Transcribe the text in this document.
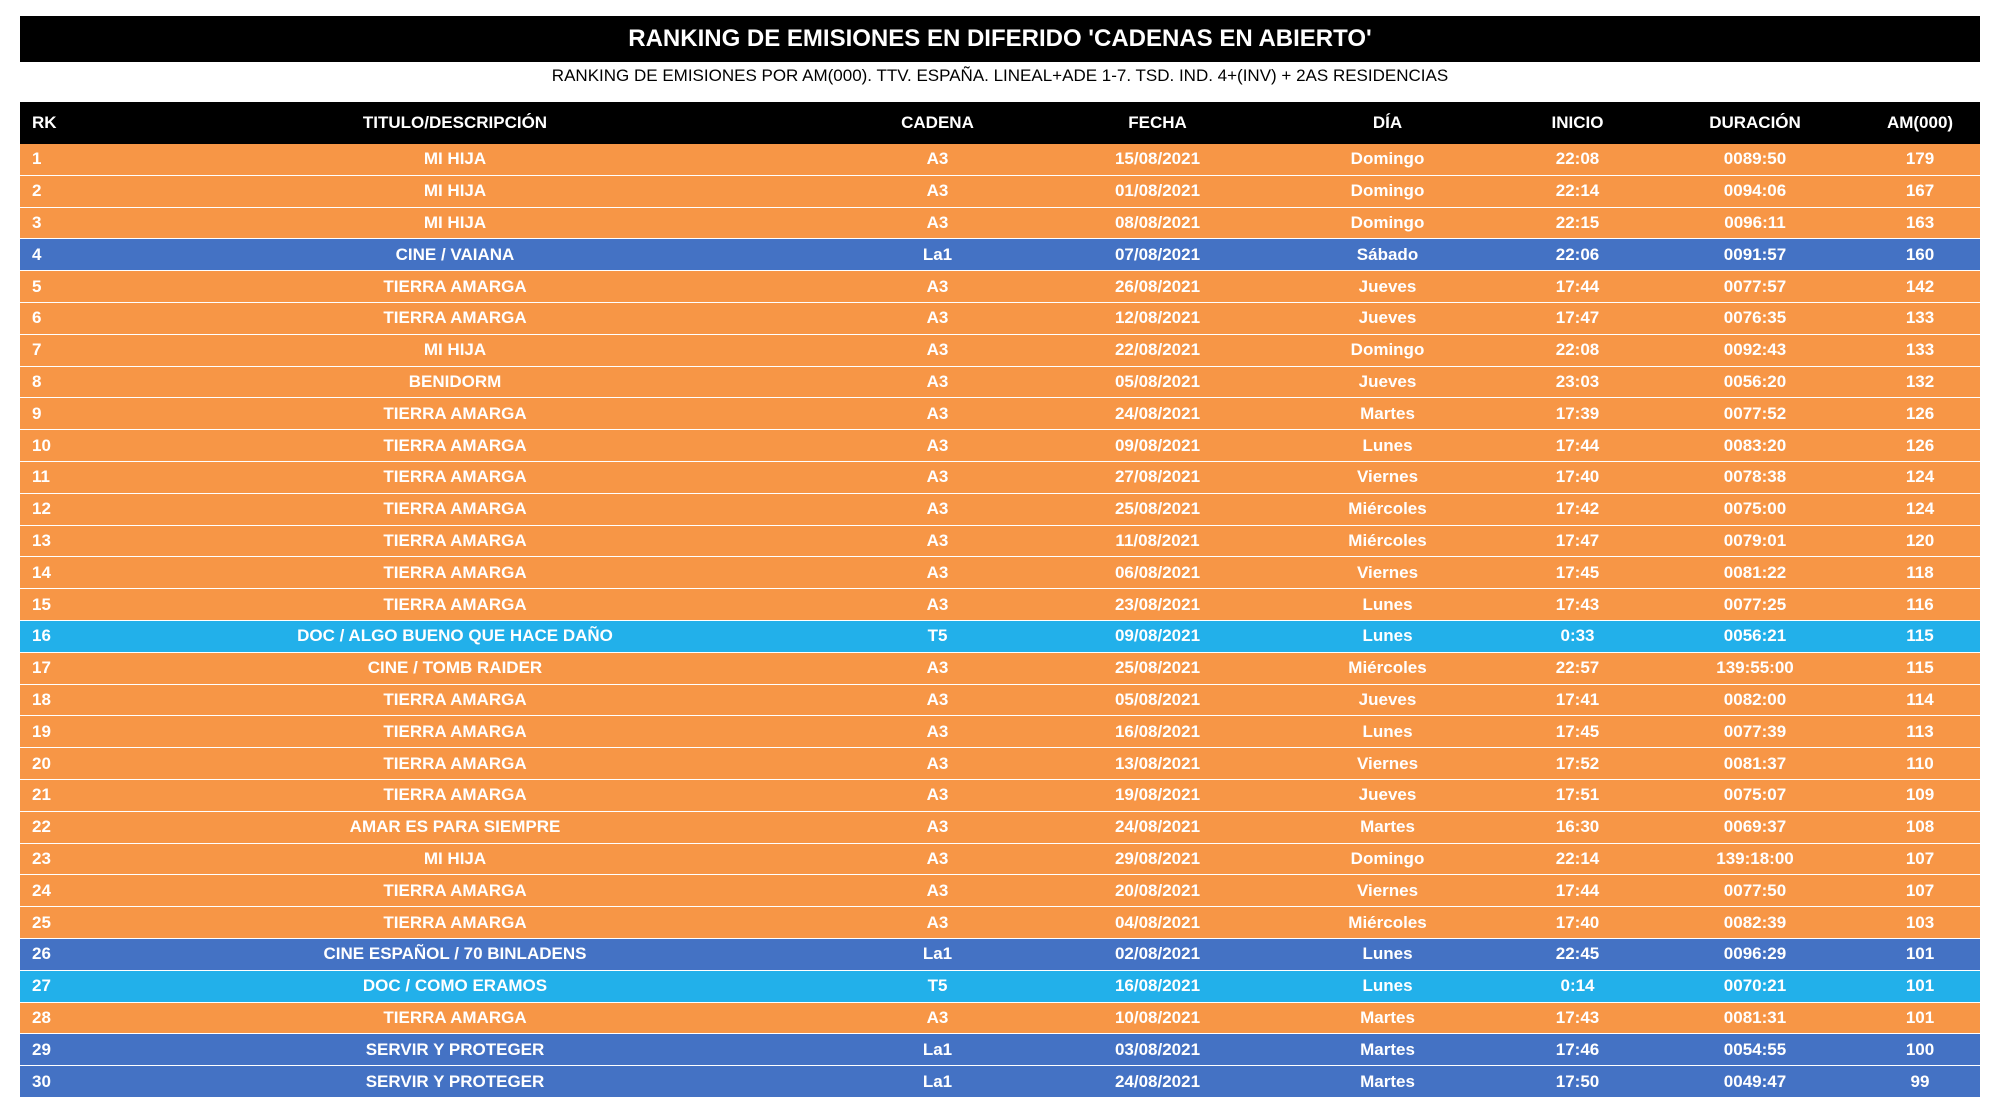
RANKING DE EMISIONES EN DIFERIDO 'CADENAS EN ABIERTO'
RANKING DE EMISIONES POR AM(000). TTV. ESPAÑA. LINEAL+ADE 1-7. TSD. IND. 4+(INV) + 2AS RESIDENCIAS
RK	TITULO/DESCRIPCIÓN	CADENA	FECHA	DÍA	INICIO	DURACIÓN	AM(000)
1	MI HIJA	A3	15/08/2021	Domingo	22:08	0089:50	179
2	MI HIJA	A3	01/08/2021	Domingo	22:14	0094:06	167
3	MI HIJA	A3	08/08/2021	Domingo	22:15	0096:11	163
4	CINE / VAIANA	La1	07/08/2021	Sábado	22:06	0091:57	160
5	TIERRA AMARGA	A3	26/08/2021	Jueves	17:44	0077:57	142
6	TIERRA AMARGA	A3	12/08/2021	Jueves	17:47	0076:35	133
7	MI HIJA	A3	22/08/2021	Domingo	22:08	0092:43	133
8	BENIDORM	A3	05/08/2021	Jueves	23:03	0056:20	132
9	TIERRA AMARGA	A3	24/08/2021	Martes	17:39	0077:52	126
10	TIERRA AMARGA	A3	09/08/2021	Lunes	17:44	0083:20	126
11	TIERRA AMARGA	A3	27/08/2021	Viernes	17:40	0078:38	124
12	TIERRA AMARGA	A3	25/08/2021	Miércoles	17:42	0075:00	124
13	TIERRA AMARGA	A3	11/08/2021	Miércoles	17:47	0079:01	120
14	TIERRA AMARGA	A3	06/08/2021	Viernes	17:45	0081:22	118
15	TIERRA AMARGA	A3	23/08/2021	Lunes	17:43	0077:25	116
16	DOC / ALGO BUENO QUE HACE DAÑO	T5	09/08/2021	Lunes	0:33	0056:21	115
17	CINE / TOMB RAIDER	A3	25/08/2021	Miércoles	22:57	139:55:00	115
18	TIERRA AMARGA	A3	05/08/2021	Jueves	17:41	0082:00	114
19	TIERRA AMARGA	A3	16/08/2021	Lunes	17:45	0077:39	113
20	TIERRA AMARGA	A3	13/08/2021	Viernes	17:52	0081:37	110
21	TIERRA AMARGA	A3	19/08/2021	Jueves	17:51	0075:07	109
22	AMAR ES PARA SIEMPRE	A3	24/08/2021	Martes	16:30	0069:37	108
23	MI HIJA	A3	29/08/2021	Domingo	22:14	139:18:00	107
24	TIERRA AMARGA	A3	20/08/2021	Viernes	17:44	0077:50	107
25	TIERRA AMARGA	A3	04/08/2021	Miércoles	17:40	0082:39	103
26	CINE ESPAÑOL / 70 BINLADENS	La1	02/08/2021	Lunes	22:45	0096:29	101
27	DOC / COMO ERAMOS	T5	16/08/2021	Lunes	0:14	0070:21	101
28	TIERRA AMARGA	A3	10/08/2021	Martes	17:43	0081:31	101
29	SERVIR Y PROTEGER	La1	03/08/2021	Martes	17:46	0054:55	100
30	SERVIR Y PROTEGER	La1	24/08/2021	Martes	17:50	0049:47	99
